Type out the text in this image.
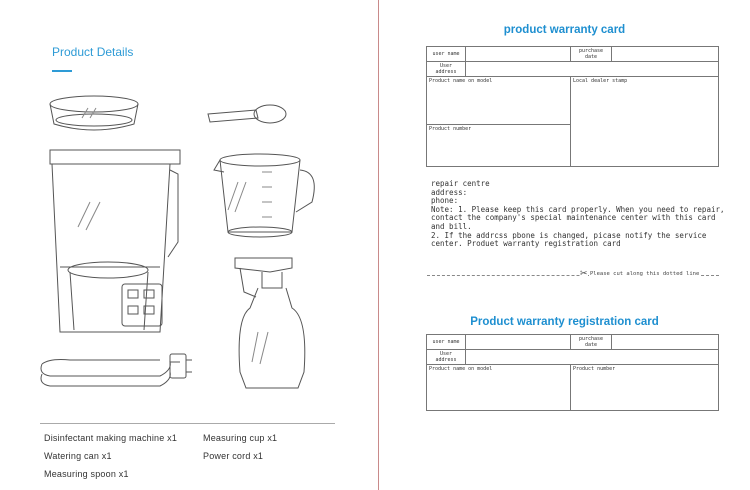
Product Details
Disinfectant making machine x1	Measuring cup x1
Watering can x1	Power cord x1
Measuring spoon x1
product warranty card
user name		purchase date	
User address			
Product name on model		Local dealer stamp	
Product number			
repair centre
address:
phone:
Note: 1. Please keep this card properly. When you need to repair,
contact the company's special maintenance center with this card
and bill.
2. If the addrcss pbone is changed, picase notify the service
center. Produet warranty registration card
✂ Please cut along this dotted line
Product warranty registration card
user name		purchase date	
User address			
Product name on model		Product number	
